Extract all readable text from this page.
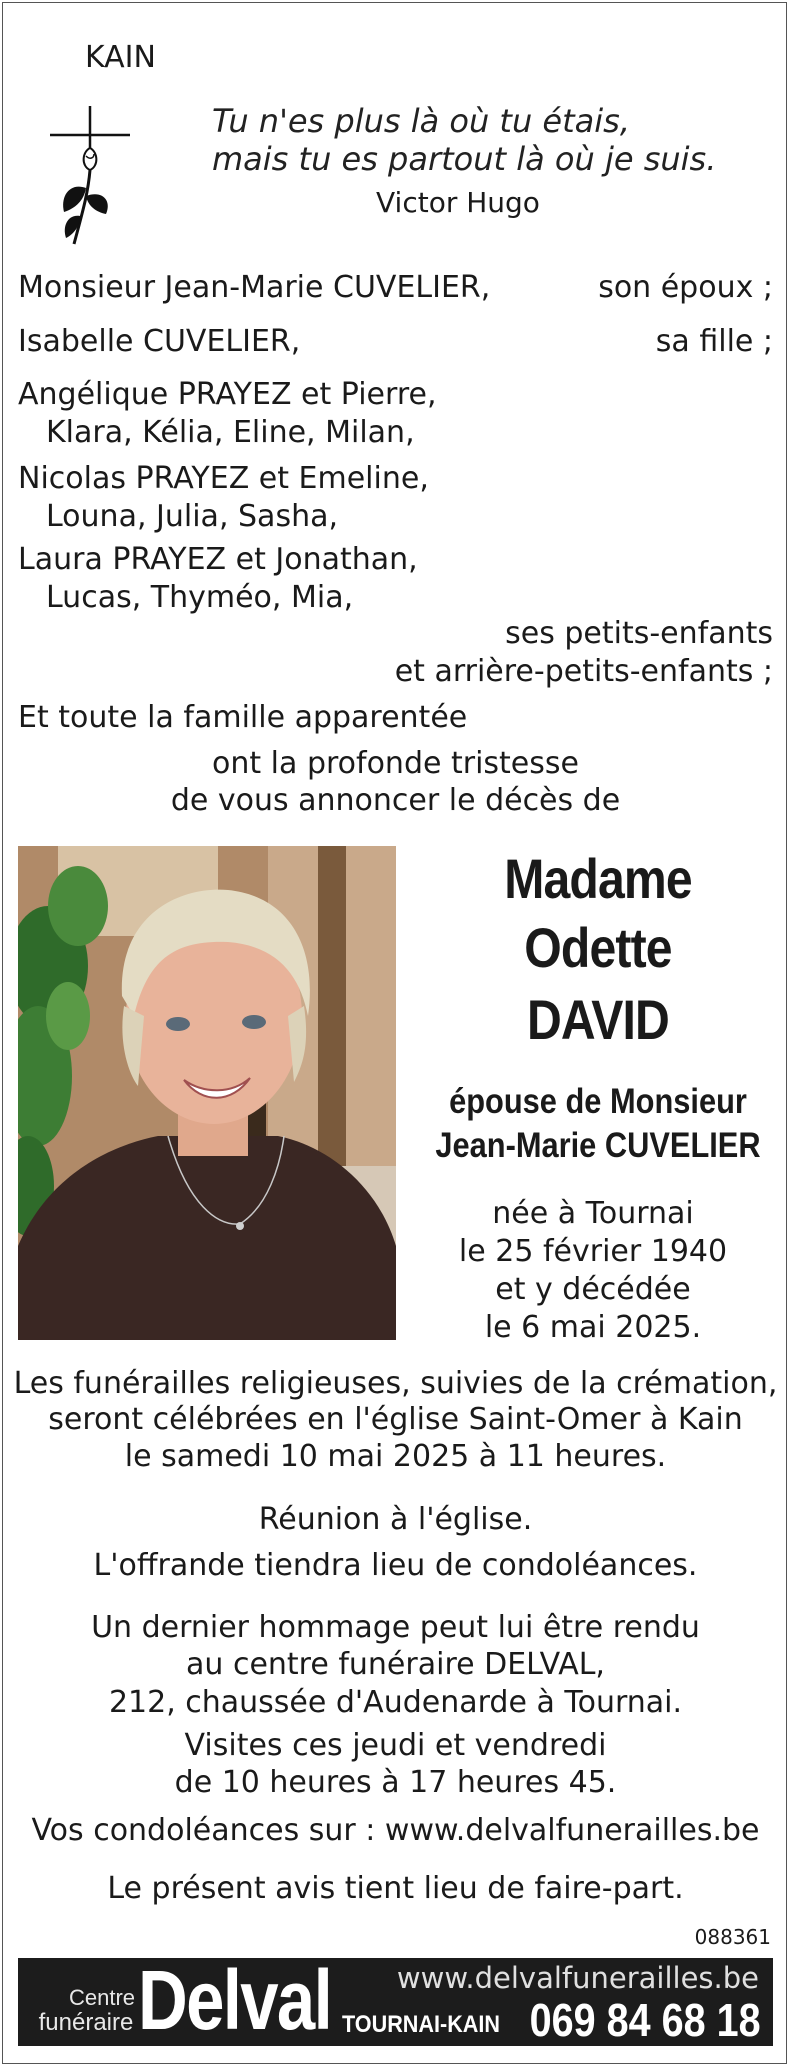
KAIN
Tu n'es plus là où tu étais,
mais tu es partout là où je suis.
Victor Hugo
Monsieur Jean-Marie CUVELIER,	son époux ;
Isabelle CUVELIER,	sa fille ;
Angélique PRAYEZ et Pierre,
Klara, Kélia, Eline, Milan,
Nicolas PRAYEZ et Emeline,
Louna, Julia, Sasha,
Laura PRAYEZ et Jonathan,
Lucas, Thyméo, Mia,
ses petits-enfants
et arrière-petits-enfants ;
Et toute la famille apparentée
ont la profonde tristesse
de vous annoncer le décès de
Madame
Odette
DAVID
épouse de Monsieur
Jean-Marie CUVELIER
née à Tournai
le 25 février 1940
et y décédée
le 6 mai 2025.
Les funérailles religieuses, suivies de la crémation,
seront célébrées en l'église Saint-Omer à Kain
le samedi 10 mai 2025 à 11 heures.
Réunion à l'église.
L'offrande tiendra lieu de condoléances.
Un dernier hommage peut lui être rendu
au centre funéraire DELVAL,
212, chaussée d'Audenarde à Tournai.
Visites ces jeudi et vendredi
de 10 heures à 17 heures 45.
Vos condoléances sur : www.delvalfunerailles.be
Le présent avis tient lieu de faire-part.
088361
Centre
funéraire Delval www.delvalfunerailles.be
TOURNAI-KAIN 069 84 68 18
